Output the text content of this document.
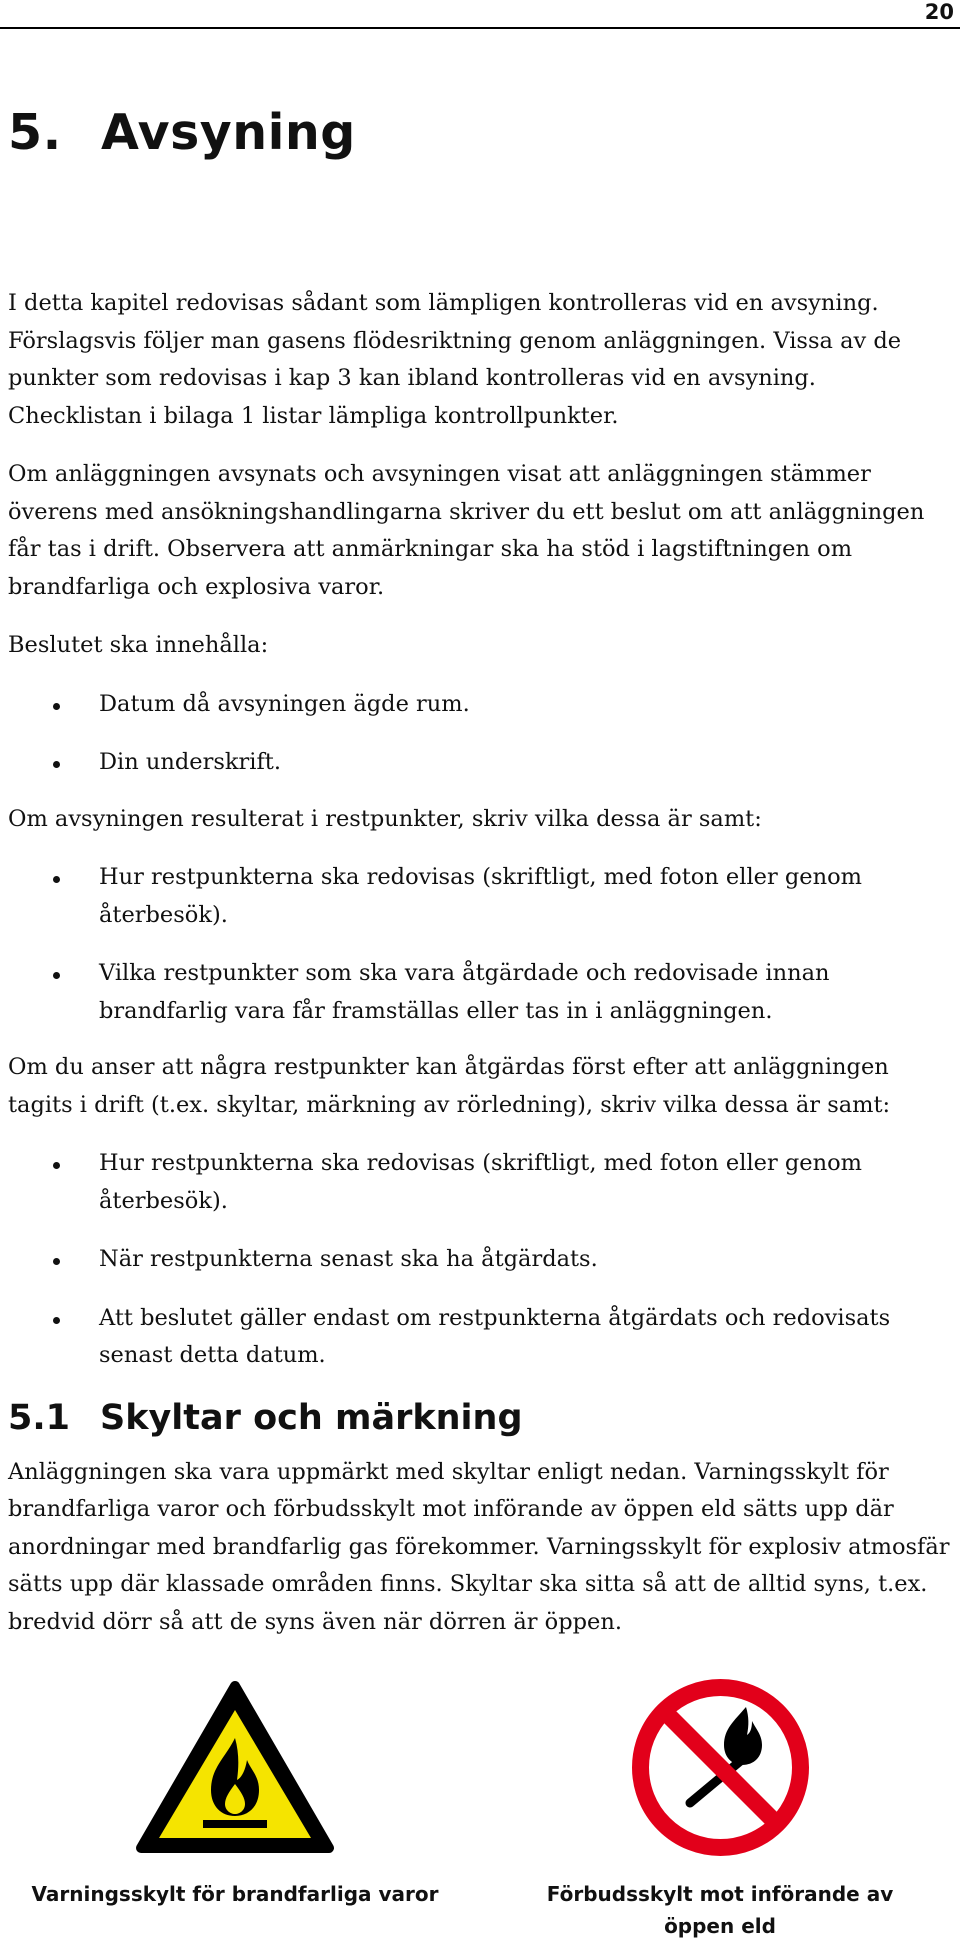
20
5. Avsyning

I detta kapitel redovisas sådant som lämpligen kontrolleras vid en avsyning. Förslagsvis följer man gasens flödesriktning genom anläggningen. Vissa av de punkter som redovisas i kap 3 kan ibland kontrolleras vid en avsyning. Checklistan i bilaga 1 listar lämpliga kontrollpunkter.

Om anläggningen avsynats och avsyningen visat att anläggningen stämmer överens med ansökningshandlingarna skriver du ett beslut om att anläggningen får tas i drift. Observera att anmärkningar ska ha stöd i lagstiftningen om brandfarliga och explosiva varor.

Beslutet ska innehålla:

Datum då avsyningen ägde rum.
Din underskrift.

Om avsyningen resulterat i restpunkter, skriv vilka dessa är samt:

Hur restpunkterna ska redovisas (skriftligt, med foton eller genom återbesök).
Vilka restpunkter som ska vara åtgärdade och redovisade innan brandfarlig vara får framställas eller tas in i anläggningen.

Om du anser att några restpunkter kan åtgärdas först efter att anläggningen tagits i drift (t.ex. skyltar, märkning av rörledning), skriv vilka dessa är samt:

Hur restpunkterna ska redovisas (skriftligt, med foton eller genom återbesök).
När restpunkterna senast ska ha åtgärdats.
Att beslutet gäller endast om restpunkterna åtgärdats och redovisats senast detta datum.
5.1 Skyltar och märkning

Anläggningen ska vara uppmärkt med skyltar enligt nedan. Varningsskylt för brandfarliga varor och förbudsskylt mot införande av öppen eld sätts upp där anordningar med brandfarlig gas förekommer. Varningsskylt för explosiv atmosfär sätts upp där klassade områden finns. Skyltar ska sitta så att de alltid syns, t.ex. bredvid dörr så att de syns även när dörren är öppen.

Varningsskylt för brandfarliga varor	Förbudsskylt mot införande av öppen eld
